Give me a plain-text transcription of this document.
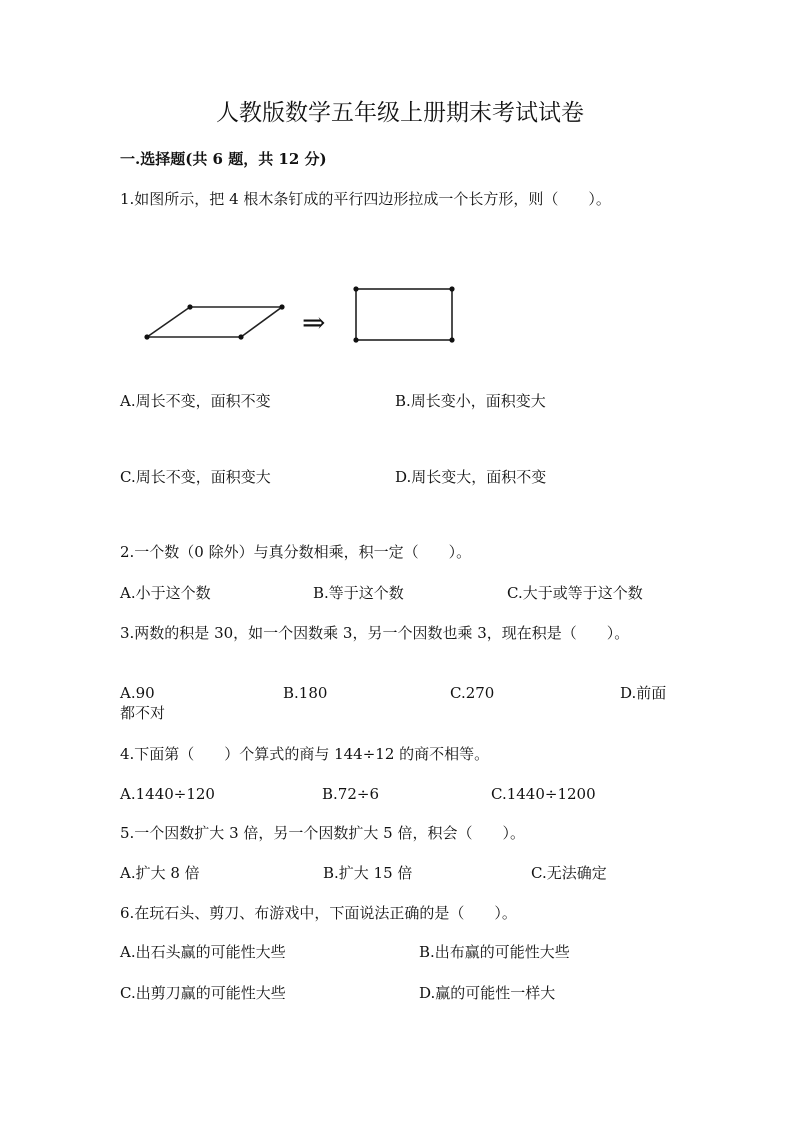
人教版数学五年级上册期末考试试卷
一.选择题(共 6 题，共 12 分)
1.如图所示，把 4 根木条钉成的平行四边形拉成一个长方形，则（　　）。
⇒
A.周长不变，面积不变	B.周长变小，面积变大
C.周长不变，面积变大	D.周长变大，面积不变
2.一个数（0 除外）与真分数相乘，积一定（　　）。
A.小于这个数	B.等于这个数	C.大于或等于这个数
3.两数的积是 30，如一个因数乘 3，另一个因数也乘 3，现在积是（　　）。
A.90	B.180	C.270	D.前面
都不对
4.下面第（　　）个算式的商与 144÷12 的商不相等。
A.1440÷120	B.72÷6	C.1440÷1200
5.一个因数扩大 3 倍，另一个因数扩大 5 倍，积会（　　）。
A.扩大 8 倍	B.扩大 15 倍	C.无法确定
6.在玩石头、剪刀、布游戏中，下面说法正确的是（　　）。
A.出石头赢的可能性大些	B.出布赢的可能性大些
C.出剪刀赢的可能性大些	D.赢的可能性一样大
